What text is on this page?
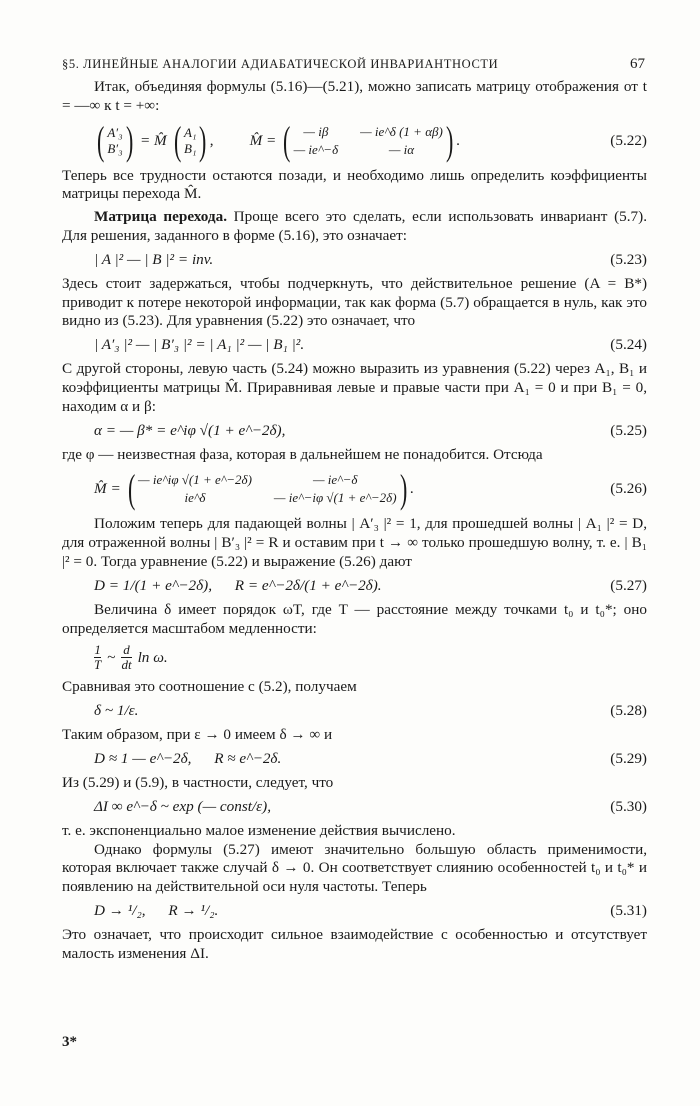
§5. ЛИНЕЙНЫЕ АНАЛОГИИ АДИАБАТИЧЕСКОЙ ИНВАРИАНТНОСТИ	67

Итак, объединяя формулы (5.16)—(5.21), можно записать матрицу отображения от t = —∞ к t = +∞:

( A′₃
B′₃ ) = M̂ ( A₁
B₁ ) , M̂ = ( — iβ	— ie^δ (1 + αβ)
— ie^−δ	— iα ) .	(5.22)

Теперь все трудности остаются позади, и необходимо лишь определить коэффициенты матрицы перехода M̂.

Матрица перехода. Проще всего это сделать, если использовать инвариант (5.7). Для решения, заданного в форме (5.16), это означает:

| A |² — | B |² = inv.	(5.23)

Здесь стоит задержаться, чтобы подчеркнуть, что действительное решение (A = B*) приводит к потере некоторой информации, так как форма (5.7) обращается в нуль, как это видно из (5.23). Для уравнения (5.22) это означает, что

| A′₃ |² — | B′₃ |² = | A₁ |² — | B₁ |².	(5.24)

С другой стороны, левую часть (5.24) можно выразить из уравнения (5.22) через A₁, B₁ и коэффициенты матрицы M̂. Приравнивая левые и правые части при A₁ = 0 и при B₁ = 0, находим α и β:

α = — β* = e^iφ √(1 + e^−2δ),	(5.25)

где φ — неизвестная фаза, которая в дальнейшем не понадобится. Отсюда

M̂ = ( — ie^iφ √(1 + e^−2δ)	— ie^−δ
ie^δ	— ie^−iφ √(1 + e^−2δ) ) .	(5.26)

Положим теперь для падающей волны | A′₃ |² = 1, для прошедшей волны | A₁ |² = D, для отраженной волны | B′₃ |² = R и оставим при t → ∞ только прошедшую волну, т. е. | B₁ |² = 0. Тогда уравнение (5.22) и выражение (5.26) дают

D = 1/(1 + e^−2δ),      R = e^−2δ/(1 + e^−2δ).	(5.27)

Величина δ имеет порядок ωT, где T — расстояние между точками t₀ и t₀*; оно определяется масштабом медленности:

$\frac{1}{T}$ ~ $\frac{d}{dt}$ ln ω.

Сравнивая это соотношение с (5.2), получаем

δ ~ 1/ε.	(5.28)

Таким образом, при ε → 0 имеем δ → ∞ и

D ≈ 1 — e^−2δ,      R ≈ e^−2δ.	(5.29)

Из (5.29) и (5.9), в частности, следует, что

ΔI ∞ e^−δ ~ exp (— const/ε),	(5.30)

т. е. экспоненциально малое изменение действия вычислено.

Однако формулы (5.27) имеют значительно большую область применимости, которая включает также случай δ → 0. Он соответствует слиянию особенностей t₀ и t₀* и появлению на действительной оси нуля частоты. Теперь

D → ¹/₂,      R → ¹/₂.	(5.31)

Это означает, что происходит сильное взаимодействие с особенностью и отсутствует малость изменения ΔI.

3*
